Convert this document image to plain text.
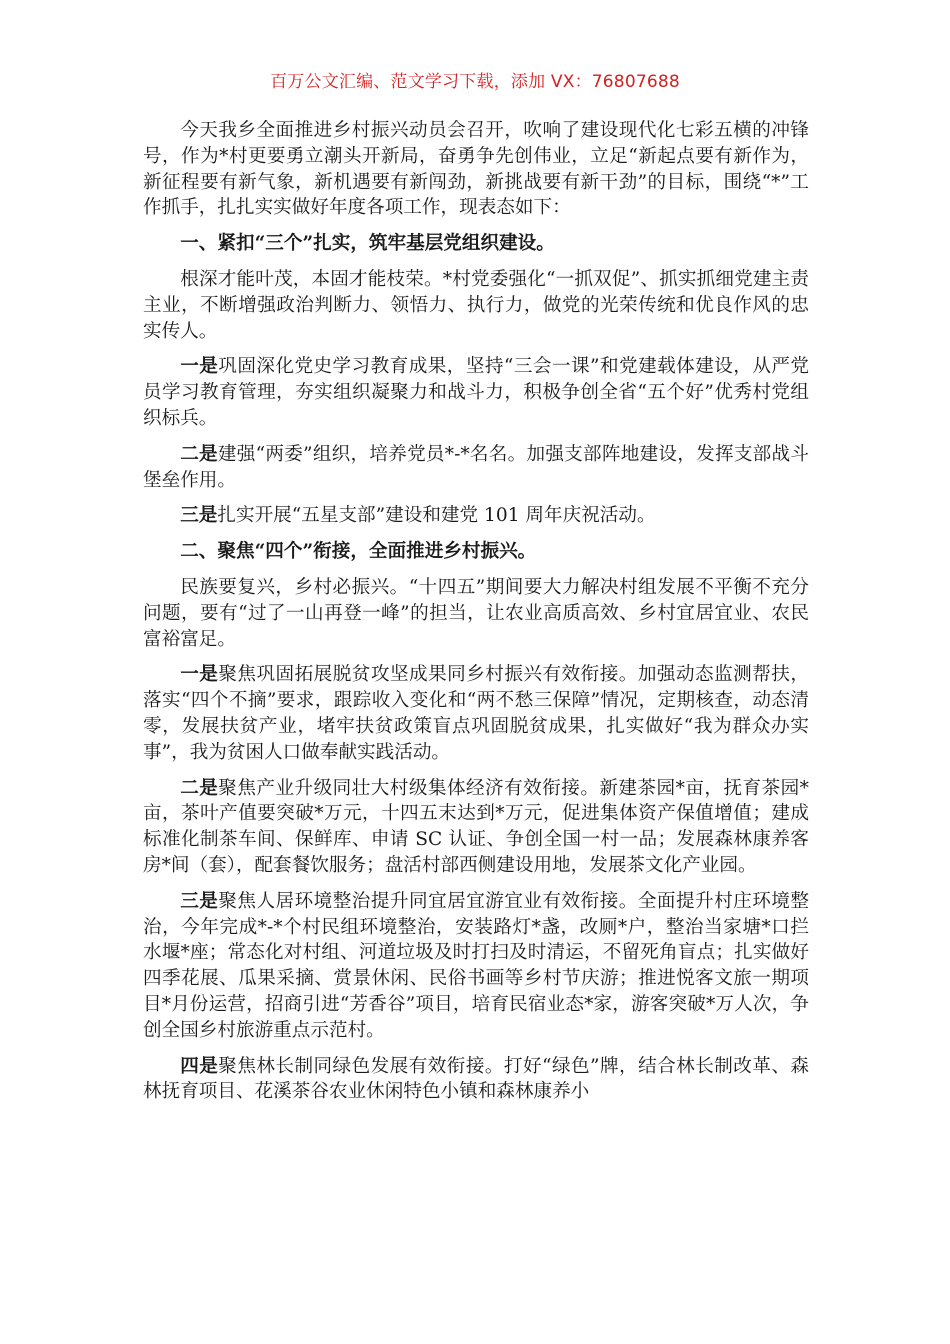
百万公文汇编、范文学习下载，添加 VX：76807688

今天我乡全面推进乡村振兴动员会召开，吹响了建设现代化七彩五横的冲锋号，作为*村更要勇立潮头开新局，奋勇争先创伟业，立足“新起点要有新作为，新征程要有新气象，新机遇要有新闯劲，新挑战要有新干劲”的目标，围绕“*”工作抓手，扎扎实实做好年度各项工作，现表态如下：

一、紧扣“三个”扎实，筑牢基层党组织建设。

根深才能叶茂，本固才能枝荣。*村党委强化“一抓双促”、抓实抓细党建主责主业，不断增强政治判断力、领悟力、执行力，做党的光荣传统和优良作风的忠实传人。

一是巩固深化党史学习教育成果，坚持“三会一课”和党建载体建设，从严党员学习教育管理，夯实组织凝聚力和战斗力，积极争创全省“五个好”优秀村党组织标兵。

二是建强“两委”组织，培养党员*-*名名。加强支部阵地建设，发挥支部战斗堡垒作用。

三是扎实开展“五星支部”建设和建党 101 周年庆祝活动。

二、聚焦“四个”衔接，全面推进乡村振兴。

民族要复兴，乡村必振兴。“十四五”期间要大力解决村组发展不平衡不充分问题，要有“过了一山再登一峰”的担当，让农业高质高效、乡村宜居宜业、农民富裕富足。

一是聚焦巩固拓展脱贫攻坚成果同乡村振兴有效衔接。加强动态监测帮扶，落实“四个不摘”要求，跟踪收入变化和“两不愁三保障”情况，定期核查，动态清零，发展扶贫产业，堵牢扶贫政策盲点巩固脱贫成果，扎实做好“我为群众办实事”，我为贫困人口做奉献实践活动。

二是聚焦产业升级同壮大村级集体经济有效衔接。新建茶园*亩，抚育茶园*亩，茶叶产值要突破*万元，十四五末达到*万元，促进集体资产保值增值；建成标准化制茶车间、保鲜库、申请 SC 认证、争创全国一村一品；发展森林康养客房*间（套），配套餐饮服务；盘活村部西侧建设用地，发展茶文化产业园。

三是聚焦人居环境整治提升同宜居宜游宜业有效衔接。全面提升村庄环境整治，今年完成*-*个村民组环境整治，安装路灯*盏，改厕*户，整治当家塘*口拦水堰*座；常态化对村组、河道垃圾及时打扫及时清运，不留死角盲点；扎实做好四季花展、瓜果采摘、赏景休闲、民俗书画等乡村节庆游；推进悦客文旅一期项目*月份运营，招商引进“芳香谷”项目，培育民宿业态*家，游客突破*万人次，争创全国乡村旅游重点示范村。

四是聚焦林长制同绿色发展有效衔接。打好“绿色”牌，结合林长制改革、森林抚育项目、花溪茶谷农业休闲特色小镇和森林康养小
